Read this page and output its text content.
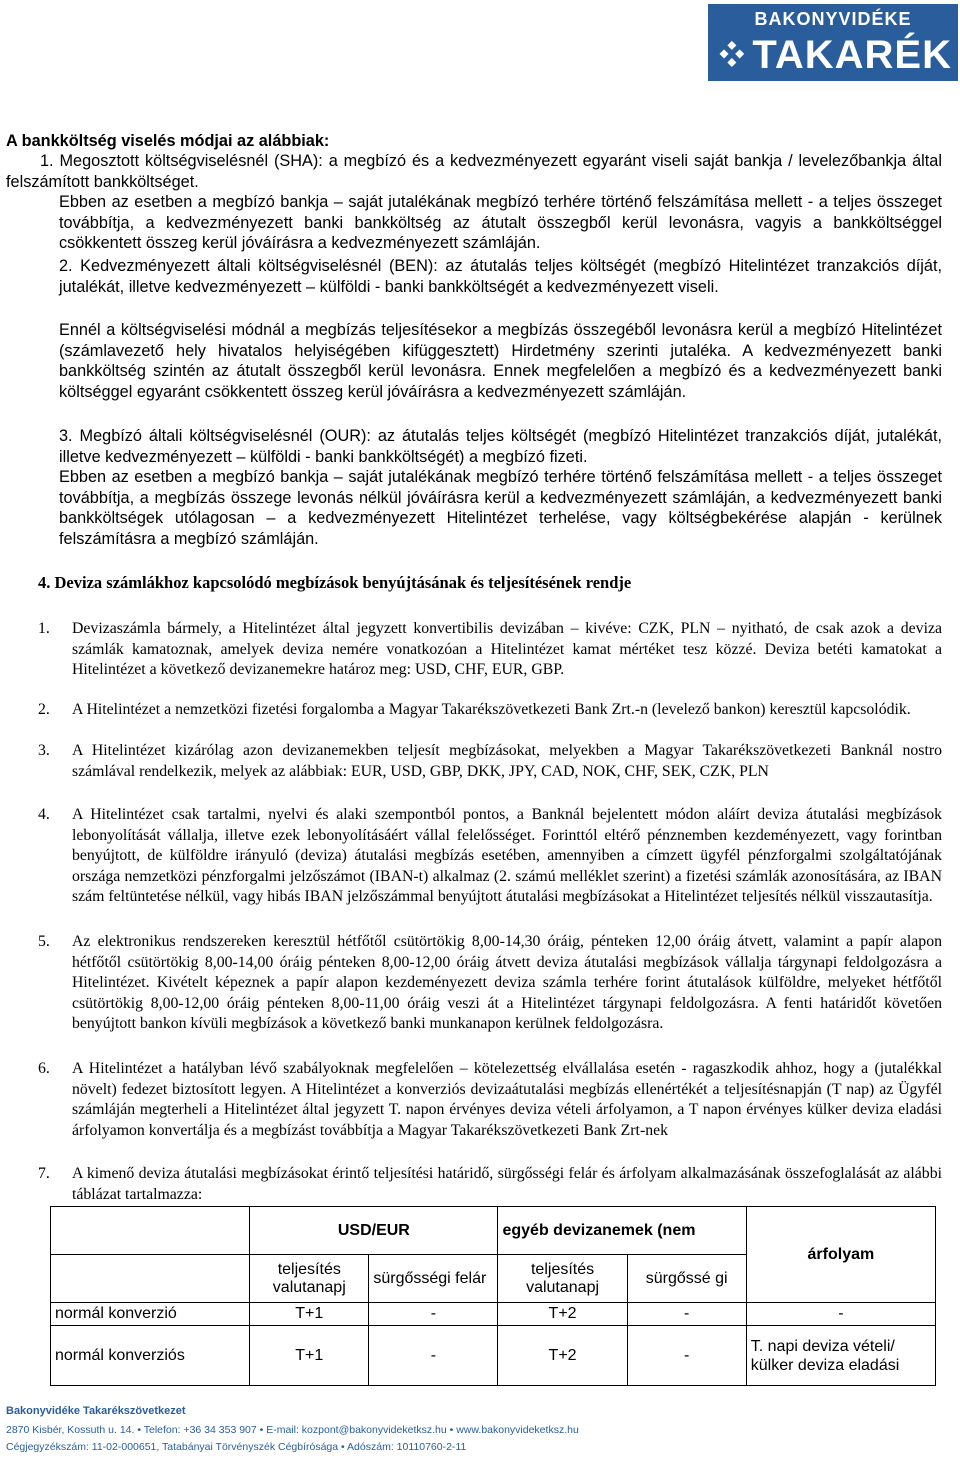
BAKONYVIDÉKE
TAKARÉK
A bankköltség viselés módjai az alábbiak:
1. Megosztott költségviselésnél (SHA): a megbízó és a kedvezményezett egyaránt viseli saját bankja / levelezőbankja által felszámított bankköltséget.
Ebben az esetben a megbízó bankja – saját jutalékának megbízó terhére történő felszámítása mellett - a teljes összeget továbbítja, a kedvezményezett banki bankköltség az átutalt összegből kerül levonásra, vagyis a bankköltséggel csökkentett összeg kerül jóváírásra a kedvezményezett számláján.
2. Kedvezményezett általi költségviselésnél (BEN): az átutalás teljes költségét (megbízó Hitelintézet tranzakciós díját, jutalékát, illetve kedvezményezett – külföldi - banki bankköltségét a kedvezményezett viseli.
Ennél a költségviselési módnál a megbízás teljesítésekor a megbízás összegéből levonásra kerül a megbízó Hitelintézet (számlavezető hely hivatalos helyiségében kifüggesztett) Hirdetmény szerinti jutaléka. A kedvezményezett banki bankköltség szintén az átutalt összegből kerül levonásra. Ennek megfelelően a megbízó és a kedvezményezett banki költséggel egyaránt csökkentett összeg kerül jóváírásra a kedvezményezett számláján.
3. Megbízó általi költségviselésnél (OUR): az átutalás teljes költségét (megbízó Hitelintézet tranzakciós díját, jutalékát, illetve kedvezményezett – külföldi - banki bankköltségét) a megbízó fizeti.
Ebben az esetben a megbízó bankja – saját jutalékának megbízó terhére történő felszámítása mellett - a teljes összeget továbbítja, a megbízás összege levonás nélkül jóváírásra kerül a kedvezményezett számláján, a kedvezményezett banki bankköltségek utólagosan – a kedvezményezett Hitelintézet terhelése, vagy költségbekérése alapján - kerülnek felszámításra a megbízó számláján.
4. Deviza számlákhoz kapcsolódó megbízások benyújtásának és teljesítésének rendje
1. Devizaszámla bármely, a Hitelintézet által jegyzett konvertibilis devizában – kivéve: CZK, PLN – nyitható, de csak azok a deviza számlák kamatoznak, amelyek deviza nemére vonatkozóan a Hitelintézet kamat mértéket tesz közzé. Deviza betéti kamatokat a Hitelintézet a következő devizanemekre határoz meg: USD, CHF, EUR, GBP.
2. A Hitelintézet a nemzetközi fizetési forgalomba a Magyar Takarékszövetkezeti Bank Zrt.-n (levelező bankon) keresztül kapcsolódik.
3. A Hitelintézet kizárólag azon devizanemekben teljesít megbízásokat, melyekben a Magyar Takarékszövetkezeti Banknál nostro számlával rendelkezik, melyek az alábbiak: EUR, USD, GBP, DKK, JPY, CAD, NOK, CHF, SEK, CZK, PLN
4. A Hitelintézet csak tartalmi, nyelvi és alaki szempontból pontos, a Banknál bejelentett módon aláírt deviza átutalási megbízások lebonyolítását vállalja, illetve ezek lebonyolításáért vállal felelősséget. Forinttól eltérő pénznemben kezdeményezett, vagy forintban benyújtott, de külföldre irányuló (deviza) átutalási megbízás esetében, amennyiben a címzett ügyfél pénzforgalmi szolgáltatójának országa nemzetközi pénzforgalmi jelzőszámot (IBAN-t) alkalmaz (2. számú melléklet szerint) a fizetési számlák azonosítására, az IBAN szám feltüntetése nélkül, vagy hibás IBAN jelzőszámmal benyújtott átutalási megbízásokat a Hitelintézet teljesítés nélkül visszautasítja.
5. Az elektronikus rendszereken keresztül hétfőtől csütörtökig 8,00-14,30 óráig, pénteken 12,00 óráig átvett, valamint a papír alapon hétfőtől csütörtökig 8,00-14,00 óráig pénteken 8,00-12,00 óráig átvett deviza átutalási megbízások vállalja tárgynapi feldolgozásra a Hitelintézet. Kivételt képeznek a papír alapon kezdeményezett deviza számla terhére forint átutalások külföldre, melyeket hétfőtől csütörtökig 8,00-12,00 óráig pénteken 8,00-11,00 óráig veszi át a Hitelintézet tárgynapi feldolgozásra. A fenti határidőt követően benyújtott bankon kívüli megbízások a következő banki munkanapon kerülnek feldolgozásra.
6. A Hitelintézet a hatályban lévő szabályoknak megfelelően – kötelezettség elvállalása esetén - ragaszkodik ahhoz, hogy a (jutalékkal növelt) fedezet biztosított legyen. A Hitelintézet a konverziós devizaátutalási megbízás ellenértékét a teljesítésnapján (T nap) az Ügyfél számláján megterheli a Hitelintézet által jegyzett T. napon érvényes deviza vételi árfolyamon, a T napon érvényes külker deviza eladási árfolyamon konvertálja és a megbízást továbbítja a Magyar Takarékszövetkezeti Bank Zrt-nek
7. A kimenő deviza átutalási megbízásokat érintő teljesítési határidő, sürgősségi felár és árfolyam alkalmazásának összefoglalását az alábbi táblázat tartalmazza:
	USD/EUR		egyéb devizanemek (nem		árfolyam
	teljesítés valutanapj	sürgősségi felár	teljesítés valutanapj	sürgőssé gi	
normál konverzió	T+1	-	T+2	-	-
normál konverziós	T+1	-	T+2	-	T. napi deviza vételi/ külker deviza eladási
Bakonyvidéke Takarékszövetkezet
2870 Kisbér, Kossuth u. 14. • Telefon: +36 34 353 907 • E-mail: kozpont@bakonyvideketksz.hu • www.bakonyvideketksz.hu
Cégjegyzékszám: 11-02-000651, Tatabányai Törvényszék Cégbírósága • Adószám: 10110760-2-11
